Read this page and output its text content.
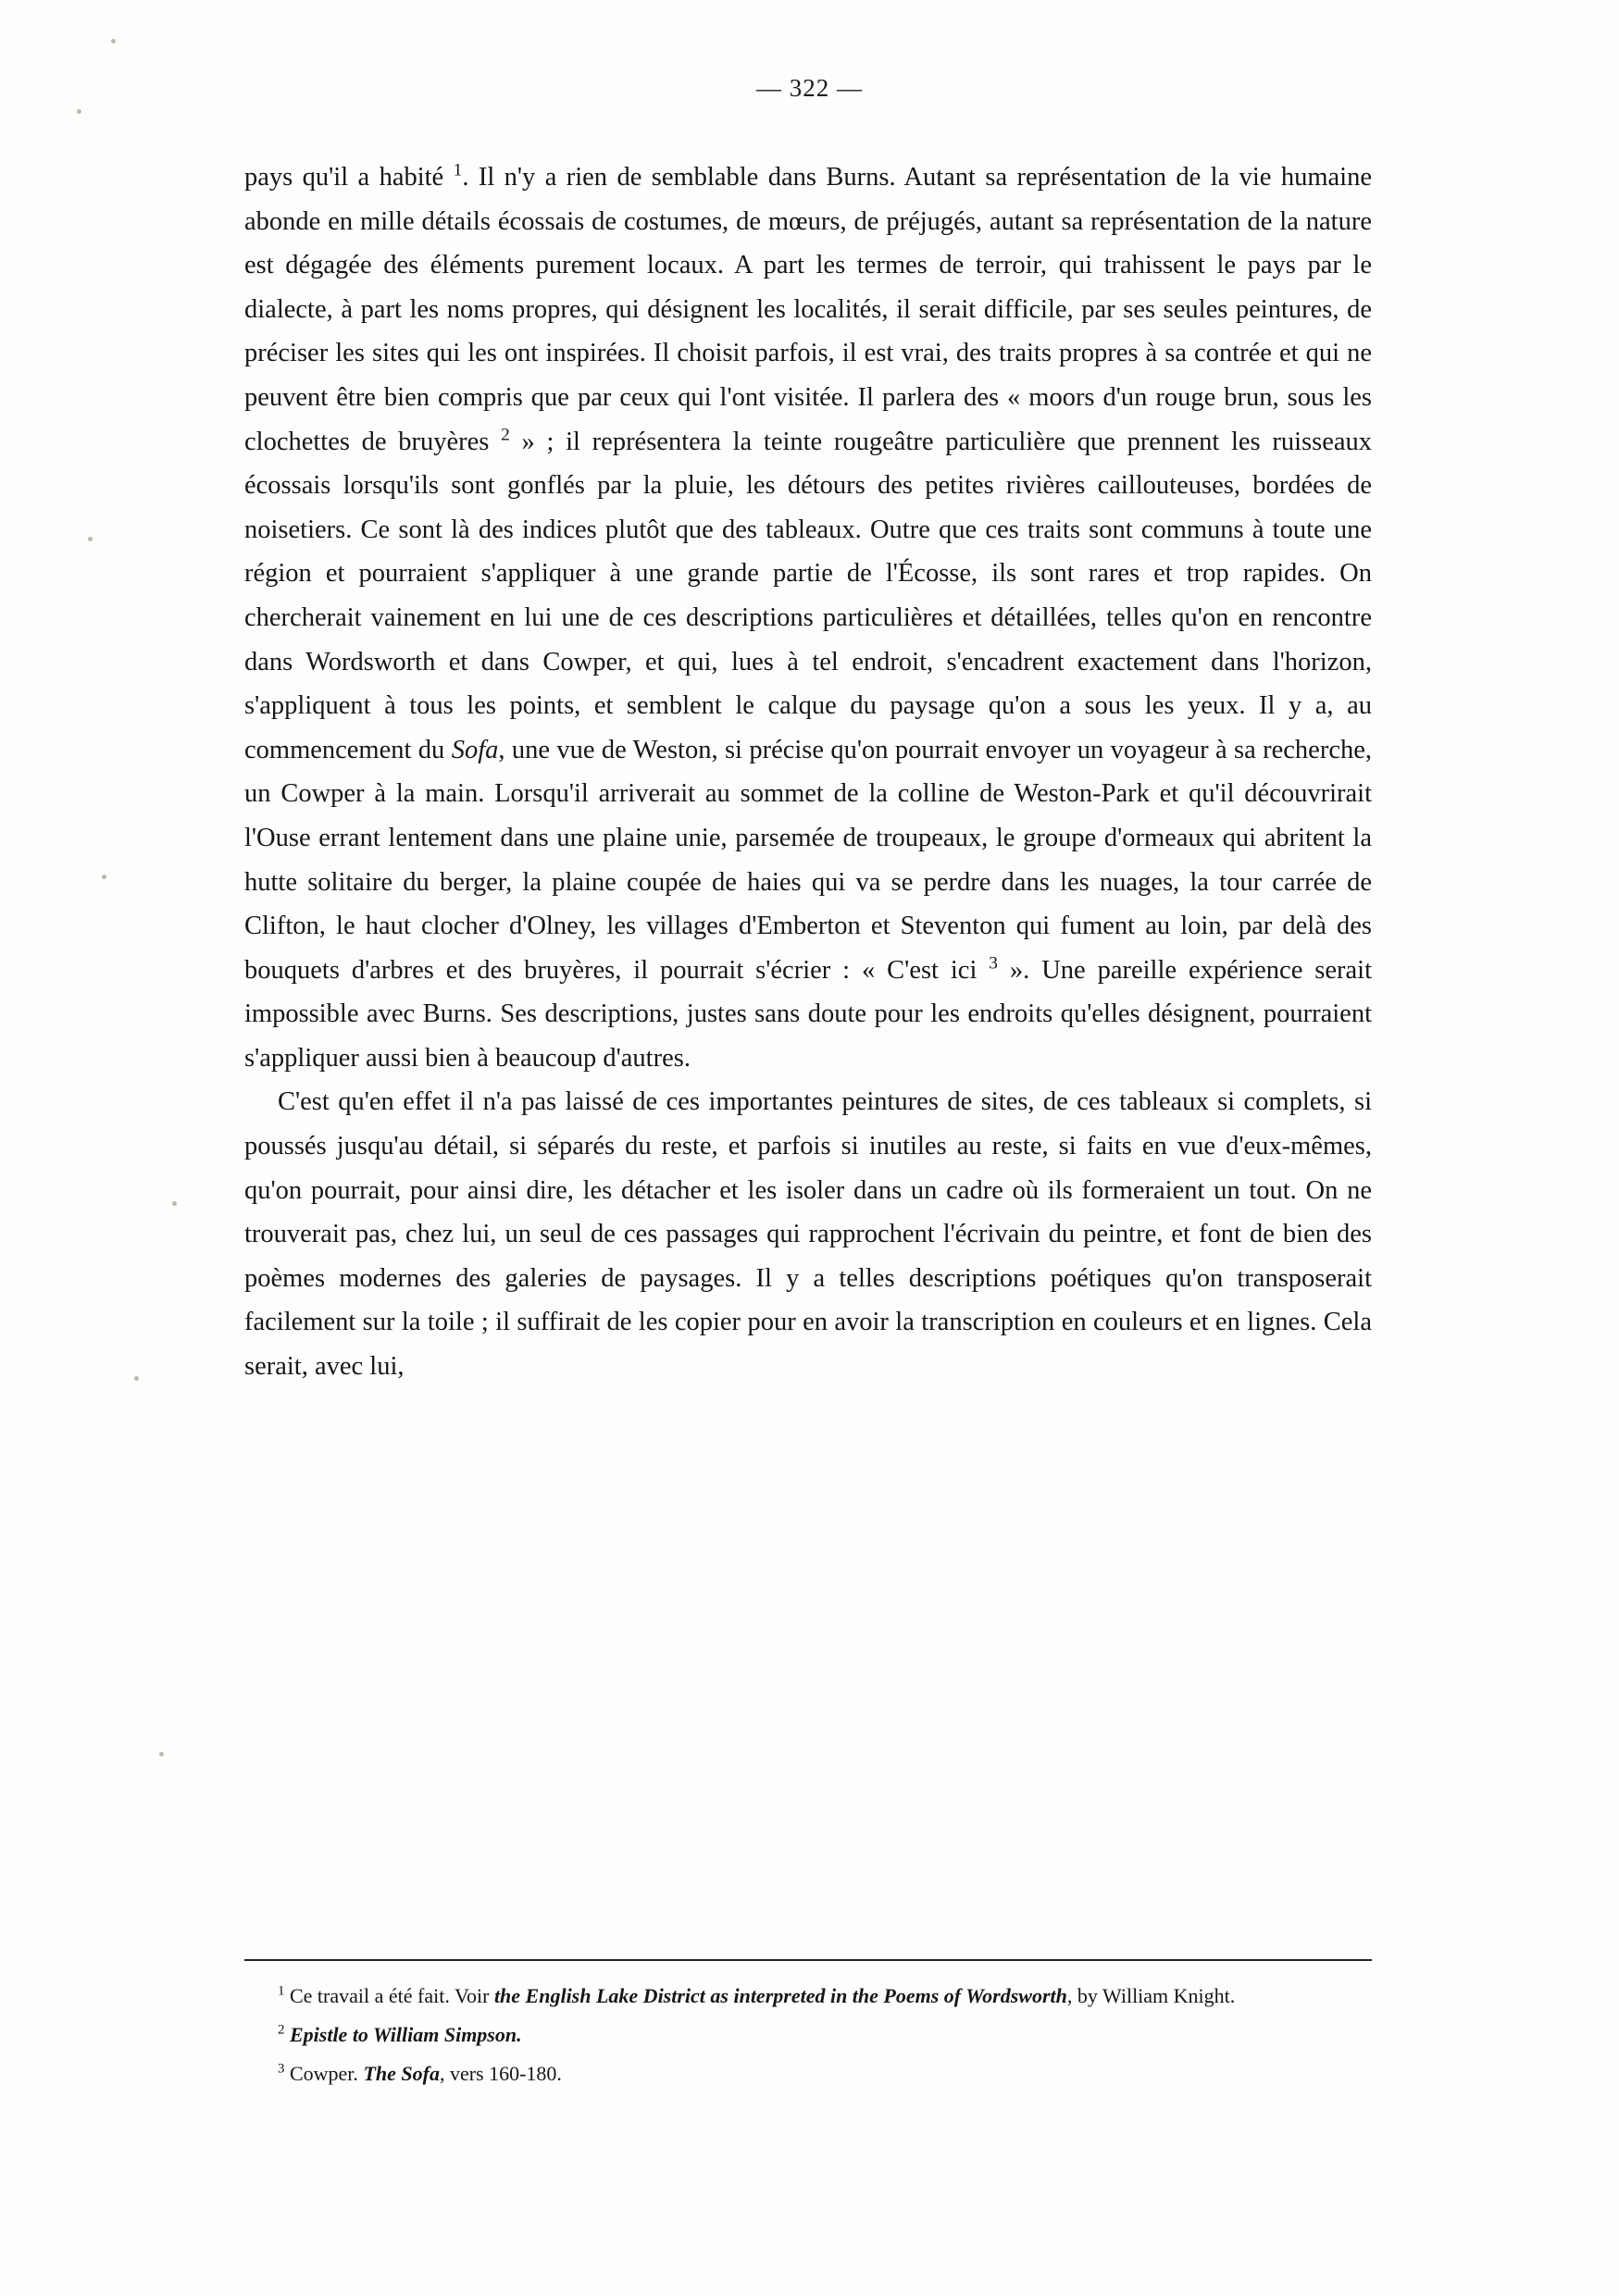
— 322 —

pays qu'il a habité $^1$. Il n'y a rien de semblable dans Burns. Autant sa représentation de la vie humaine abonde en mille détails écossais de costumes, de mœurs, de préjugés, autant sa représentation de la nature est dégagée des éléments purement locaux. A part les termes de terroir, qui trahissent le pays par le dialecte, à part les noms propres, qui désignent les localités, il serait difficile, par ses seules peintures, de préciser les sites qui les ont inspirées. Il choisit parfois, il est vrai, des traits propres à sa contrée et qui ne peuvent être bien compris que par ceux qui l'ont visitée. Il parlera des « moors d'un rouge brun, sous les clochettes de bruyères $^2$ » ; il représentera la teinte rougeâtre particulière que prennent les ruisseaux écossais lorsqu'ils sont gonflés par la pluie, les détours des petites rivières caillouteuses, bordées de noisetiers. Ce sont là des indices plutôt que des tableaux. Outre que ces traits sont communs à toute une région et pourraient s'appliquer à une grande partie de l'Écosse, ils sont rares et trop rapides. On chercherait vainement en lui une de ces descriptions particulières et détaillées, telles qu'on en rencontre dans Wordsworth et dans Cowper, et qui, lues à tel endroit, s'encadrent exactement dans l'horizon, s'appliquent à tous les points, et semblent le calque du paysage qu'on a sous les yeux. Il y a, au commencement du Sofa, une vue de Weston, si précise qu'on pourrait envoyer un voyageur à sa recherche, un Cowper à la main. Lorsqu'il arriverait au sommet de la colline de Weston-Park et qu'il découvrirait l'Ouse errant lentement dans une plaine unie, parsemée de troupeaux, le groupe d'ormeaux qui abritent la hutte solitaire du berger, la plaine coupée de haies qui va se perdre dans les nuages, la tour carrée de Clifton, le haut clocher d'Olney, les villages d'Emberton et Steventon qui fument au loin, par delà des bouquets d'arbres et des bruyères, il pourrait s'écrier : « C'est ici $^3$ ». Une pareille expérience serait impossible avec Burns. Ses descriptions, justes sans doute pour les endroits qu'elles désignent, pourraient s'appliquer aussi bien à beaucoup d'autres.

C'est qu'en effet il n'a pas laissé de ces importantes peintures de sites, de ces tableaux si complets, si poussés jusqu'au détail, si séparés du reste, et parfois si inutiles au reste, si faits en vue d'eux-mêmes, qu'on pourrait, pour ainsi dire, les détacher et les isoler dans un cadre où ils formeraient un tout. On ne trouverait pas, chez lui, un seul de ces passages qui rapprochent l'écrivain du peintre, et font de bien des poèmes modernes des galeries de paysages. Il y a telles descriptions poétiques qu'on transposerait facilement sur la toile ; il suffirait de les copier pour en avoir la transcription en couleurs et en lignes. Cela serait, avec lui,

$^1$ Ce travail a été fait. Voir the English Lake District as interpreted in the Poems of Wordsworth, by William Knight.

$^2$ Epistle to William Simpson.

$^3$ Cowper. The Sofa, vers 160-180.
